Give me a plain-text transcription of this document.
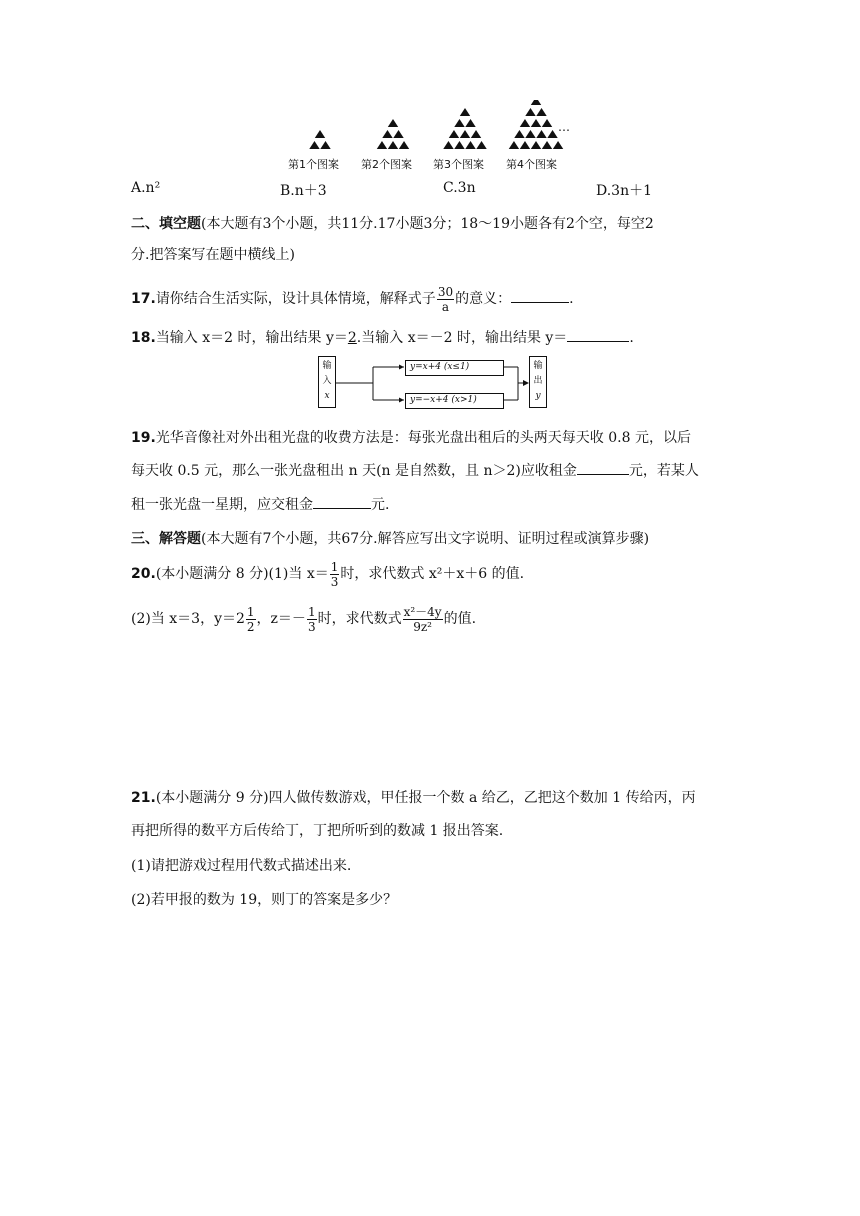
…
第1个图案 第2个图案 第3个图案 第4个图案
A.n²	B.n＋3	C.3n	D.3n＋1
二、填空题(本大题有3个小题，共11分.17小题3分；18～19小题各有2个空，每空2
分.把答案写在题中横线上)
17.请你结合生活实际，设计具体情境，解释式子 $\frac{30}{a}$ 的意义：	.
18.当输入 x＝2 时，输出结果 y＝2.当输入 x＝－2 时，输出结果 y＝	.
输
入
x
y=x+4 (x≤1)
y=−x+4 (x>1)
输
出
y
19.光华音像社对外出租光盘的收费方法是：每张光盘出租后的头两天每天收 0.8 元，以后
每天收 0.5 元，那么一张光盘租出 n 天(n 是自然数，且 n＞2)应收租金	元，若某人
租一张光盘一星期，应交租金	元.
三、解答题(本大题有7个小题，共67分.解答应写出文字说明、证明过程或演算步骤)
20.(本小题满分 8 分)(1)当 $x= \frac{1}{3}$ 时，求代数式 x²＋x＋6 的值.
(2)当 x＝3，$y=2 \frac{1}{2}$ ，$z=- \frac{1}{3}$ 时，求代数式 $\frac{\text{x²－4y}}{\text{9z²}}$ 的值.
21.(本小题满分 9 分)四人做传数游戏，甲任报一个数 a 给乙，乙把这个数加 1 传给丙，丙
再把所得的数平方后传给丁，丁把所听到的数减 1 报出答案.
(1)请把游戏过程用代数式描述出来.
(2)若甲报的数为 19，则丁的答案是多少？
